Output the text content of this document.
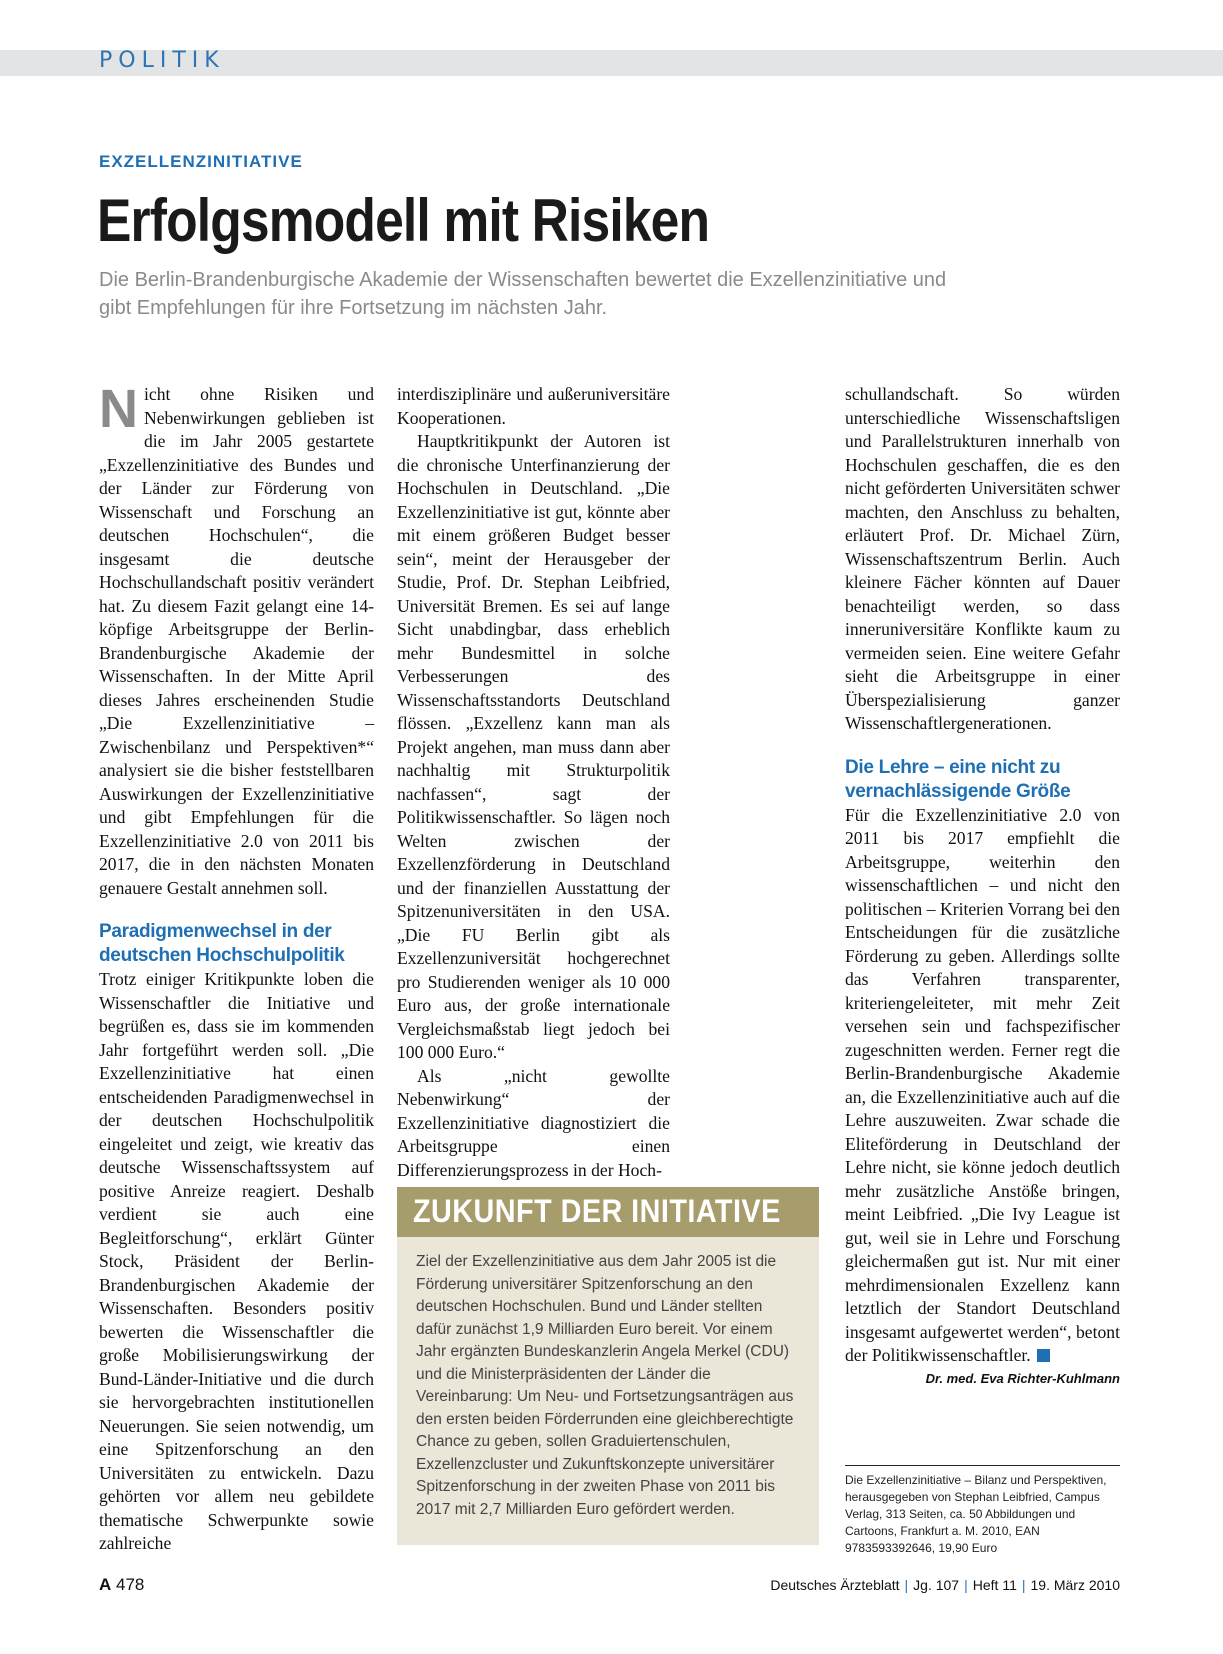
POLITIK
EXZELLENZINITIATIVE
Erfolgsmodell mit Risiken
Die Berlin-Brandenburgische Akademie der Wissenschaften bewertet die Exzellenzinitiative und gibt Empfehlungen für ihre Fortsetzung im nächsten Jahr.

Nicht ohne Risiken und Nebenwirkungen geblieben ist die im Jahr 2005 gestartete „Exzellenzinitiative des Bundes und der Länder zur Förderung von Wissenschaft und Forschung an deutschen Hochschulen“, die insgesamt die deutsche Hochschullandschaft positiv verändert hat. Zu diesem Fazit gelangt eine 14-köpfige Arbeitsgruppe der Berlin-Brandenburgische Akademie der Wissenschaften. In der Mitte April dieses Jahres erscheinenden Studie „Die Exzellenzinitiative – Zwischenbilanz und Perspektiven*“ analysiert sie die bisher feststellbaren Auswirkungen der Exzellenzinitiative und gibt Empfehlungen für die Exzellenzinitiative 2.0 von 2011 bis 2017, die in den nächsten Monaten genauere Gestalt annehmen soll.

Paradigmenwechsel in der deutschen Hochschulpolitik

Trotz einiger Kritikpunkte loben die Wissenschaftler die Initiative und begrüßen es, dass sie im kommenden Jahr fortgeführt werden soll. „Die Exzellenzinitiative hat einen entscheidenden Paradigmenwechsel in der deutschen Hochschulpolitik eingeleitet und zeigt, wie kreativ das deutsche Wissenschaftssystem auf positive Anreize reagiert. Deshalb verdient sie auch eine Begleitforschung“, erklärt Günter Stock, Präsident der Berlin-Brandenburgischen Akademie der Wissenschaften. Besonders positiv bewerten die Wissenschaftler die große Mobilisierungswirkung der Bund-Länder-Initiative und die durch sie hervorgebrachten institutionellen Neuerungen. Sie seien notwendig, um eine Spitzenforschung an den Universitäten zu entwickeln. Dazu gehörten vor allem neu gebildete thematische Schwerpunkte sowie zahlreiche

interdisziplinäre und außeruniversitäre Kooperationen.

Hauptkritikpunkt der Autoren ist die chronische Unterfinanzierung der Hochschulen in Deutschland. „Die Exzellenzinitiative ist gut, könnte aber mit einem größeren Budget besser sein“, meint der Herausgeber der Studie, Prof. Dr. Stephan Leibfried, Universität Bremen. Es sei auf lange Sicht unabdingbar, dass erheblich mehr Bundesmittel in solche Verbesserungen des Wissenschaftsstandorts Deutschland flössen. „Exzellenz kann man als Projekt angehen, man muss dann aber nachhaltig mit Strukturpolitik nachfassen“, sagt der Politikwissenschaftler. So lägen noch Welten zwischen der Exzellenzförderung in Deutschland und der finanziellen Ausstattung der Spitzenuniversitäten in den USA. „Die FU Berlin gibt als Exzellenzuniversität hochgerechnet pro Studierenden weniger als 10 000 Euro aus, der große internationale Vergleichsmaßstab liegt jedoch bei 100 000 Euro.“

Als „nicht gewollte Nebenwirkung“ der Exzellenzinitiative diagnostiziert die Arbeitsgruppe einen Differenzierungsprozess in der Hoch-

ZUKUNFT DER INITIATIVE
Ziel der Exzellenzinitiative aus dem Jahr 2005 ist die Förderung universitärer Spitzenforschung an den deutschen Hochschulen. Bund und Länder stellten dafür zunächst 1,9 Milliarden Euro bereit. Vor einem Jahr ergänzten Bundeskanzlerin Angela Merkel (CDU) und die Ministerpräsidenten der Länder die Vereinbarung: Um Neu- und Fortsetzungsanträgen aus den ersten beiden Förderrunden eine gleichberechtigte Chance zu geben, sollen Graduiertenschulen, Exzellenzcluster und Zukunftskonzepte universitärer Spitzenforschung in der zweiten Phase von 2011 bis 2017 mit 2,7 Milliarden Euro gefördert werden.

schullandschaft. So würden unterschiedliche Wissenschaftsligen und Parallelstrukturen innerhalb von Hochschulen geschaffen, die es den nicht geförderten Universitäten schwer machten, den Anschluss zu behalten, erläutert Prof. Dr. Michael Zürn, Wissenschaftszentrum Berlin. Auch kleinere Fächer könnten auf Dauer benachteiligt werden, so dass inneruniversitäre Konflikte kaum zu vermeiden seien. Eine weitere Gefahr sieht die Arbeitsgruppe in einer Überspezialisierung ganzer Wissenschaftlergenerationen.

Die Lehre – eine nicht zu vernachlässigende Größe

Für die Exzellenzinitiative 2.0 von 2011 bis 2017 empfiehlt die Arbeitsgruppe, weiterhin den wissenschaftlichen – und nicht den politischen – Kriterien Vorrang bei den Entscheidungen für die zusätzliche Förderung zu geben. Allerdings sollte das Verfahren transparenter, kriteriengeleiteter, mit mehr Zeit versehen sein und fachspezifischer zugeschnitten werden. Ferner regt die Berlin-Brandenburgische Akademie an, die Exzellenzinitiative auch auf die Lehre auszuweiten. Zwar schade die Eliteförderung in Deutschland der Lehre nicht, sie könne jedoch deutlich mehr zusätzliche Anstöße bringen, meint Leibfried. „Die Ivy League ist gut, weil sie in Lehre und Forschung gleichermaßen gut ist. Nur mit einer mehrdimensionalen Exzellenz kann letztlich der Standort Deutschland insgesamt aufgewertet werden“, betont der Politikwissenschaftler.

Dr. med. Eva Richter-Kuhlmann
Die Exzellenzinitiative – Bilanz und Perspektiven, herausgegeben von Stephan Leibfried, Campus Verlag, 313 Seiten, ca. 50 Abbildungen und Cartoons, Frankfurt a. M. 2010, EAN 9783593392646, 19,90 Euro
A 478	Deutsches Ärzteblatt | Jg. 107 | Heft 11 | 19. März 2010
